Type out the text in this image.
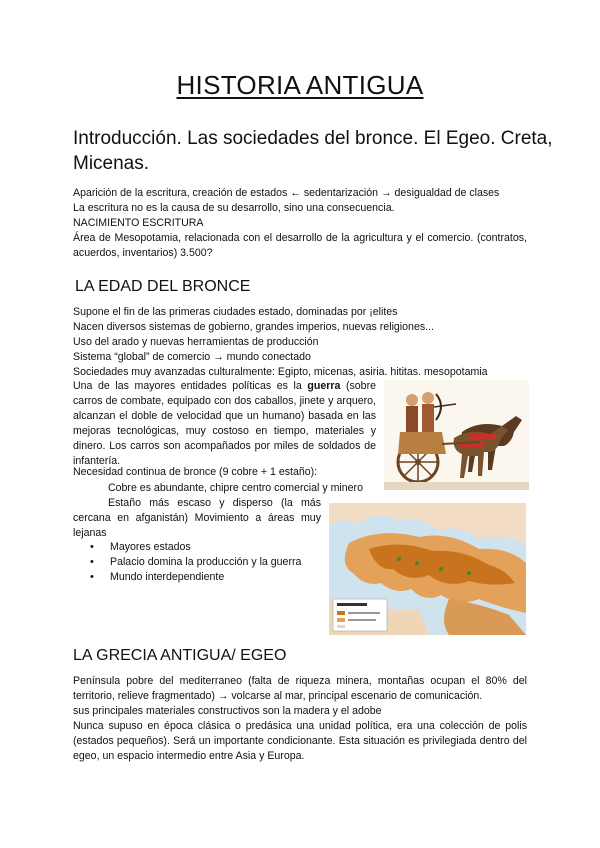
HISTORIA ANTIGUA
Introducción. Las sociedades del bronce. El Egeo. Creta, Micenas.
Aparición de la escritura, creación de estados ← sedentarización → desigualdad de clases
La escritura no es la causa de su desarrollo, sino una consecuencia.
NACIMIENTO ESCRITURA
Área de Mesopotamia, relacionada con el desarrollo de la agricultura y el comercio. (contratos, acuerdos, inventarios) 3.500?
LA EDAD DEL BRONCE
Supone el fin de las primeras ciudades estado, dominadas por ¡elites
Nacen diversos sistemas de gobierno, grandes imperios, nuevas religiones...
Uso del arado y nuevas herramientas de producción
Sistema “global” de comercio → mundo conectado
Sociedades muy avanzadas culturalmente: Egipto, micenas, asiria. hititas. mesopotamia
Una de las mayores entidades políticas es la guerra (sobre carros de combate, equipado con dos caballos, jinete y arquero, alcanzan el doble de velocidad que un humano) basada en las mejoras tecnológicas, muy costoso en tiempo, materiales y dinero. Los carros son acompañados por miles de soldados de infantería.
Necesidad continua de bronce (9 cobre + 1 estaño):
Cobre es abundante, chipre centro comercial y minero
Estaño más escaso y disperso (la más cercana en afganistán) Movimiento a áreas muy lejanas
• Mayores estados
• Palacio domina la producción y la guerra
• Mundo interdependiente
LA GRECIA ANTIGUA/ EGEO
Península pobre del mediterraneo (falta de riqueza minera, montañas ocupan el 80% del territorio, relieve fragmentado) → volcarse al mar, principal escenario de comunicación.
sus principales materiales constructivos son la madera y el adobe
Nunca supuso en época clásica o predásica una unidad política, era una colección de polis (estados pequeños). Será un importante condicionante. Esta situación es privilegiada dentro del egeo, un espacio intermedio entre Asia y Europa.
